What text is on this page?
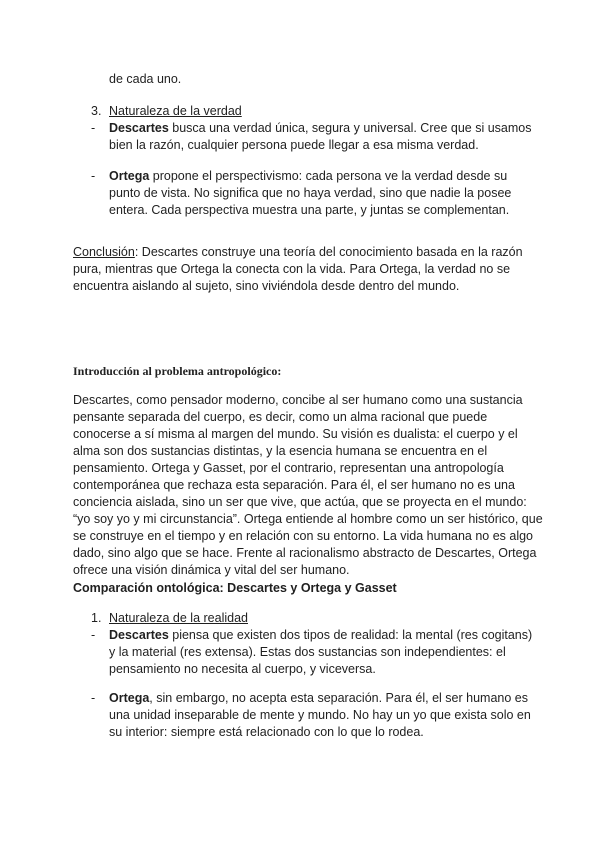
de cada uno.
3. Naturaleza de la verdad
- Descartes busca una verdad única, segura y universal. Cree que si usamos
bien la razón, cualquier persona puede llegar a esa misma verdad.
- Ortega propone el perspectivismo: cada persona ve la verdad desde su
punto de vista. No significa que no haya verdad, sino que nadie la posee
entera. Cada perspectiva muestra una parte, y juntas se complementan.
Conclusión: Descartes construye una teoría del conocimiento basada en la razón
pura, mientras que Ortega la conecta con la vida. Para Ortega, la verdad no se
encuentra aislando al sujeto, sino viviéndola desde dentro del mundo.
Introducción al problema antropológico:
Descartes, como pensador moderno, concibe al ser humano como una sustancia
pensante separada del cuerpo, es decir, como un alma racional que puede
conocerse a sí misma al margen del mundo. Su visión es dualista: el cuerpo y el
alma son dos sustancias distintas, y la esencia humana se encuentra en el
pensamiento. Ortega y Gasset, por el contrario, representan una antropología
contemporánea que rechaza esta separación. Para él, el ser humano no es una
conciencia aislada, sino un ser que vive, que actúa, que se proyecta en el mundo:
“yo soy yo y mi circunstancia”. Ortega entiende al hombre como un ser histórico, que
se construye en el tiempo y en relación con su entorno. La vida humana no es algo
dado, sino algo que se hace. Frente al racionalismo abstracto de Descartes, Ortega
ofrece una visión dinámica y vital del ser humano.
Comparación ontológica: Descartes y Ortega y Gasset
1. Naturaleza de la realidad
- Descartes piensa que existen dos tipos de realidad: la mental (res cogitans)
y la material (res extensa). Estas dos sustancias son independientes: el
pensamiento no necesita al cuerpo, y viceversa.
- Ortega, sin embargo, no acepta esta separación. Para él, el ser humano es
una unidad inseparable de mente y mundo. No hay un yo que exista solo en
su interior: siempre está relacionado con lo que lo rodea.
